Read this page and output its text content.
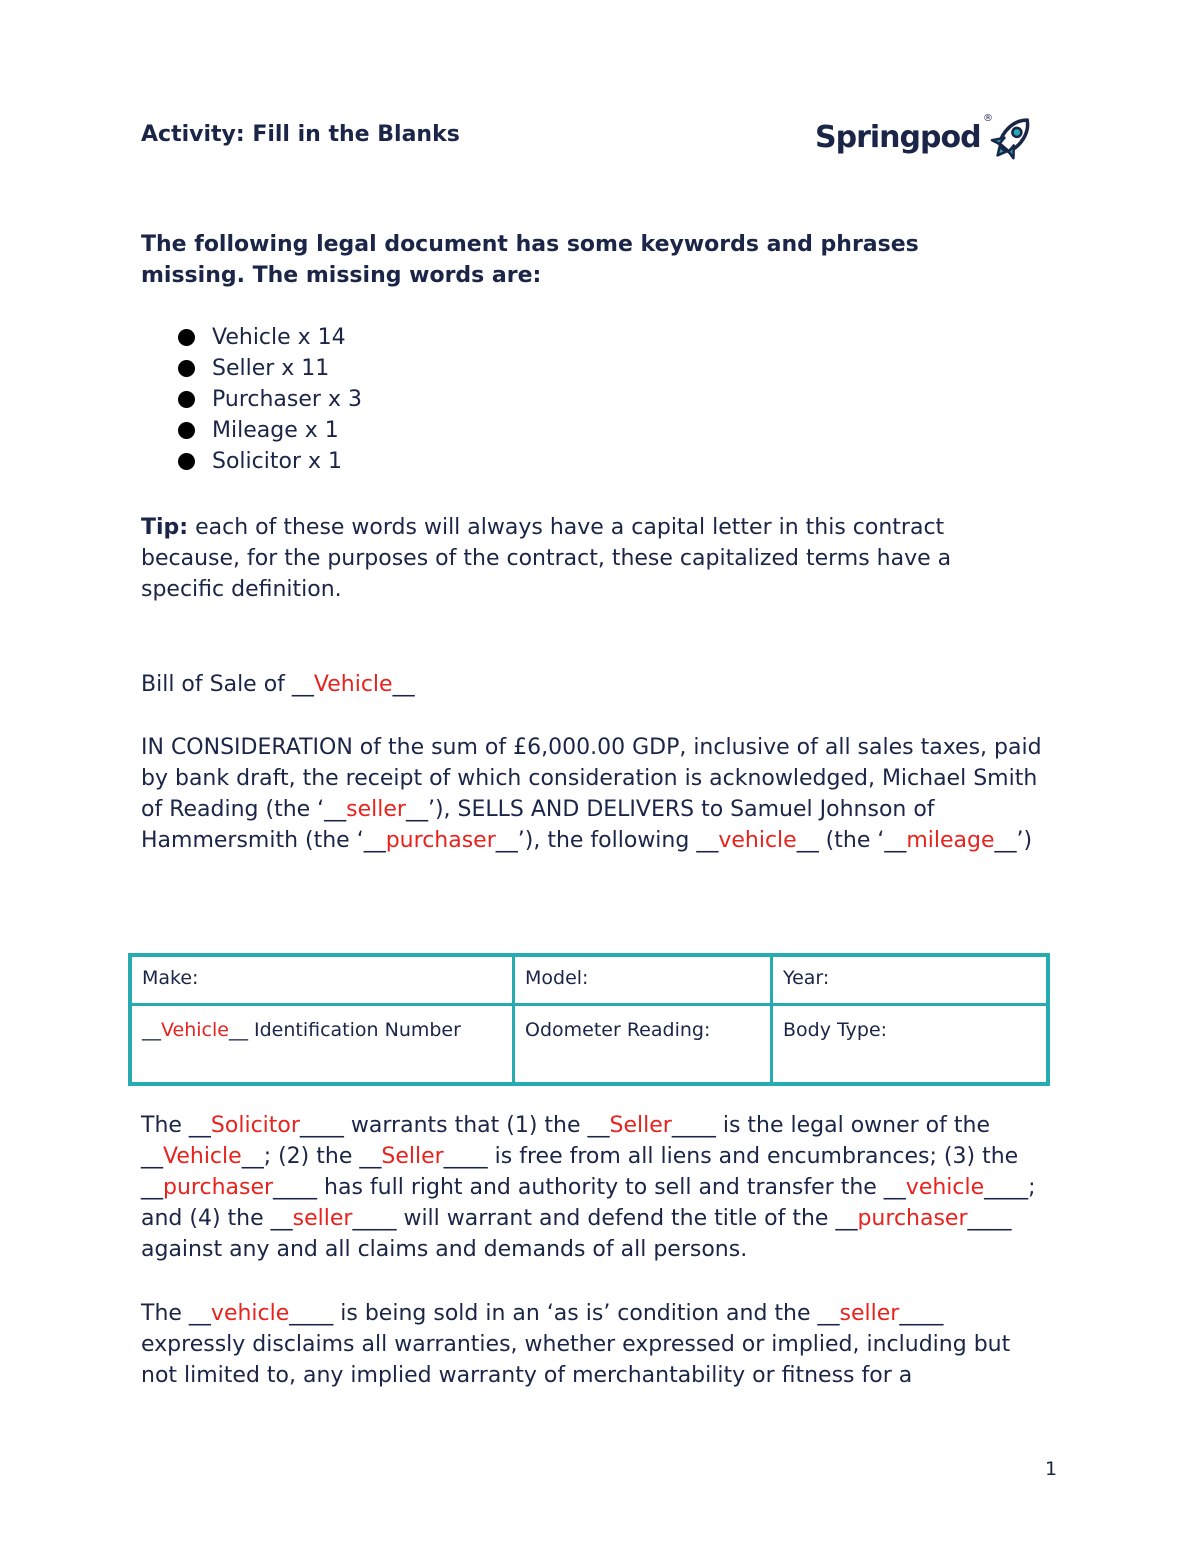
Activity: Fill in the Blanks	Springpod
®

The following legal document has some keywords and phrases
missing. The missing words are:

Vehicle x 14
Seller x 11
Purchaser x 3
Mileage x 1
Solicitor x 1

Tip: each of these words will always have a capital letter in this contract because, for the purposes of the contract, these capitalized terms have a specific definition.

Bill of Sale of __Vehicle__

IN CONSIDERATION of the sum of £6,000.00 GDP, inclusive of all sales taxes, paid by bank draft, the receipt of which consideration is acknowledged, Michael Smith of Reading (the ‘__seller__’), SELLS AND DELIVERS to Samuel Johnson of Hammersmith (the ‘__purchaser__’), the following __vehicle__ (the ‘__mileage__’)

Make:	Model:	Year:
__Vehicle__ Identification Number	Odometer Reading:	Body Type:

The __Solicitor____ warrants that (1) the __Seller____ is the legal owner of the __Vehicle__; (2) the __Seller____ is free from all liens and encumbrances; (3) the __purchaser____ has full right and authority to sell and transfer the __vehicle____; and (4) the __seller____ will warrant and defend the title of the __purchaser____ against any and all claims and demands of all persons.

The __vehicle____ is being sold in an ‘as is’ condition and the __seller____ expressly disclaims all warranties, whether expressed or implied, including but not limited to, any implied warranty of merchantability or fitness for a

1
